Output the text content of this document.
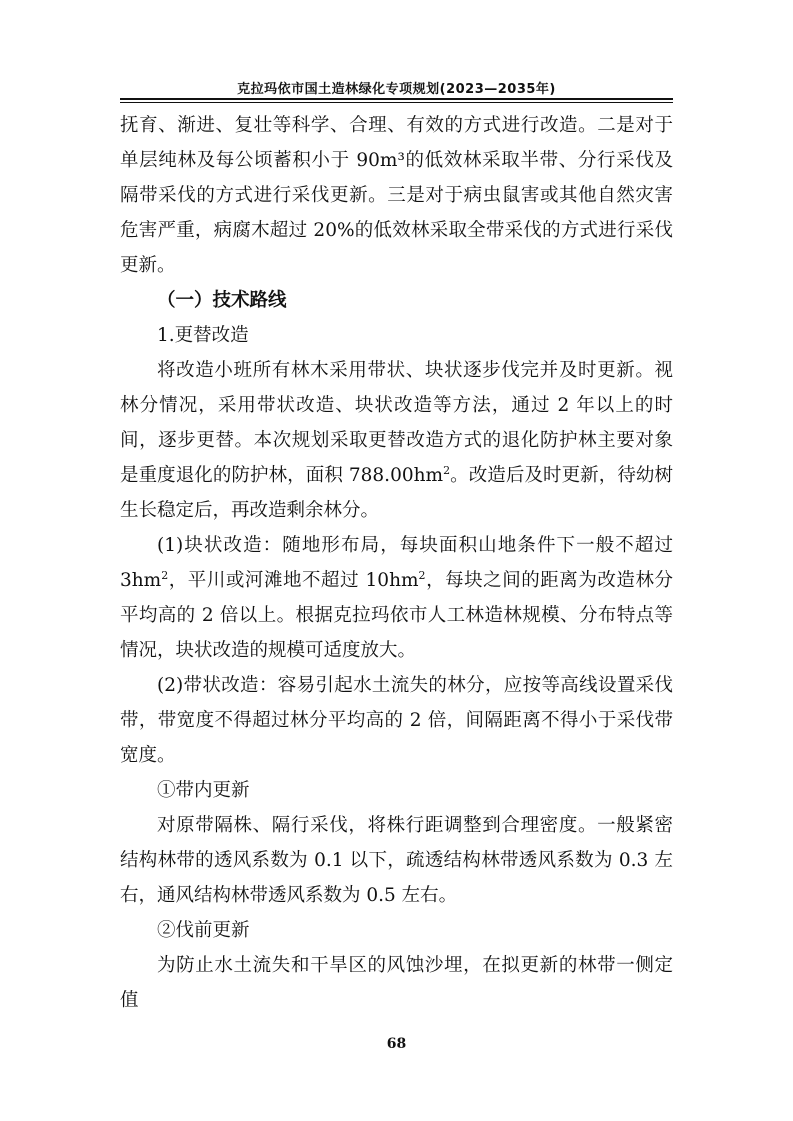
克拉玛依市国土造林绿化专项规划(2023—2035年)

抚育、渐进、复壮等科学、合理、有效的方式进行改造。二是对于单层纯林及每公顷蓄积小于 90m³的低效林采取半带、分行采伐及隔带采伐的方式进行采伐更新。三是对于病虫鼠害或其他自然灾害危害严重，病腐木超过 20%的低效林采取全带采伐的方式进行采伐更新。

（一）技术路线

1.更替改造

将改造小班所有林木采用带状、块状逐步伐完并及时更新。视林分情况，采用带状改造、块状改造等方法，通过 2 年以上的时间，逐步更替。本次规划采取更替改造方式的退化防护林主要对象是重度退化的防护林，面积 $788.00hm^2$。改造后及时更新，待幼树生长稳定后，再改造剩余林分。

(1)块状改造：随地形布局，每块面积山地条件下一般不超过 $3hm^2$，平川或河滩地不超过 $10hm^2$，每块之间的距离为改造林分平均高的 2 倍以上。根据克拉玛依市人工林造林规模、分布特点等情况，块状改造的规模可适度放大。

(2)带状改造：容易引起水土流失的林分，应按等高线设置采伐带，带宽度不得超过林分平均高的 2 倍，间隔距离不得小于采伐带宽度。

①带内更新

对原带隔株、隔行采伐，将株行距调整到合理密度。一般紧密结构林带的透风系数为 0.1 以下，疏透结构林带透风系数为 0.3 左右，通风结构林带透风系数为 0.5 左右。

②伐前更新

为防止水土流失和干旱区的风蚀沙埋，在拟更新的林带一侧定值

68
